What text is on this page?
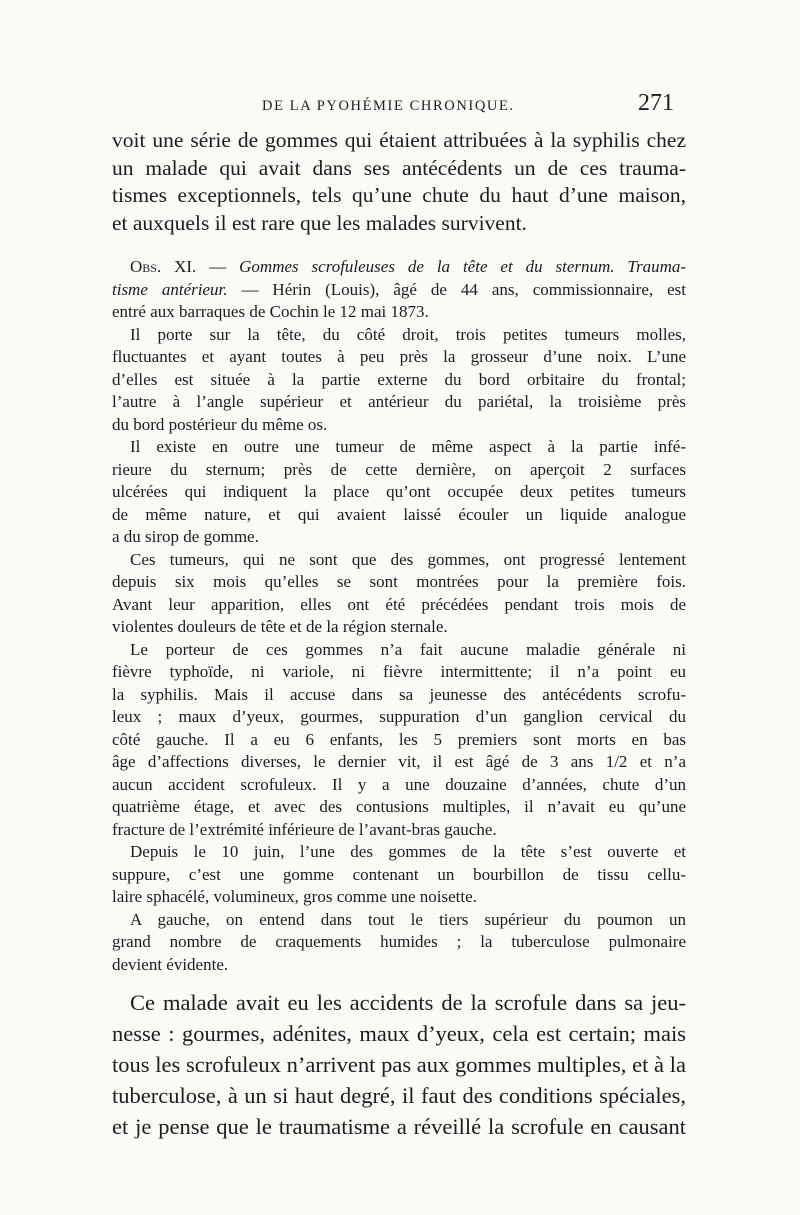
DE LA PYOHÉMIE CHRONIQUE.	271
voit une série de gommes qui étaient attribuées à la syphilis chez
un malade qui avait dans ses antécédents un de ces trauma-
tismes exceptionnels, tels qu’une chute du haut d’une maison,
et auxquels il est rare que les malades survivent.
Obs. XI. — Gommes scrofuleuses de la tête et du sternum. Trauma-
tisme antérieur. — Hérin (Louis), âgé de 44 ans, commissionnaire, est
entré aux barraques de Cochin le 12 mai 1873.
Il porte sur la tête, du côté droit, trois petites tumeurs molles,
fluctuantes et ayant toutes à peu près la grosseur d’une noix. L’une
d’elles est située à la partie externe du bord orbitaire du frontal;
l’autre à l’angle supérieur et antérieur du pariétal, la troisième près
du bord postérieur du même os.
Il existe en outre une tumeur de même aspect à la partie infé-
rieure du sternum; près de cette dernière, on aperçoit 2 surfaces
ulcérées qui indiquent la place qu’ont occupée deux petites tumeurs
de même nature, et qui avaient laissé écouler un liquide analogue
a du sirop de gomme.
Ces tumeurs, qui ne sont que des gommes, ont progressé lentement
depuis six mois qu’elles se sont montrées pour la première fois.
Avant leur apparition, elles ont été précédées pendant trois mois de
violentes douleurs de tête et de la région sternale.
Le porteur de ces gommes n’a fait aucune maladie générale ni
fièvre typhoïde, ni variole, ni fièvre intermittente; il n’a point eu
la syphilis. Mais il accuse dans sa jeunesse des antécédents scrofu-
leux ; maux d’yeux, gourmes, suppuration d’un ganglion cervical du
côté gauche. Il a eu 6 enfants, les 5 premiers sont morts en bas
âge d’affections diverses, le dernier vit, il est âgé de 3 ans 1/2 et n’a
aucun accident scrofuleux. Il y a une douzaine d’années, chute d’un
quatrième étage, et avec des contusions multiples, il n’avait eu qu’une
fracture de l’extrémité inférieure de l’avant-bras gauche.
Depuis le 10 juin, l’une des gommes de la tête s’est ouverte et
suppure, c’est une gomme contenant un bourbillon de tissu cellu-
laire sphacélé, volumineux, gros comme une noisette.
A gauche, on entend dans tout le tiers supérieur du poumon un
grand nombre de craquements humides ; la tuberculose pulmonaire
devient évidente.
Ce malade avait eu les accidents de la scrofule dans sa jeu-
nesse : gourmes, adénites, maux d’yeux, cela est certain; mais
tous les scrofuleux n’arrivent pas aux gommes multiples, et à la
tuberculose, à un si haut degré, il faut des conditions spéciales,
et je pense que le traumatisme a réveillé la scrofule en causant
